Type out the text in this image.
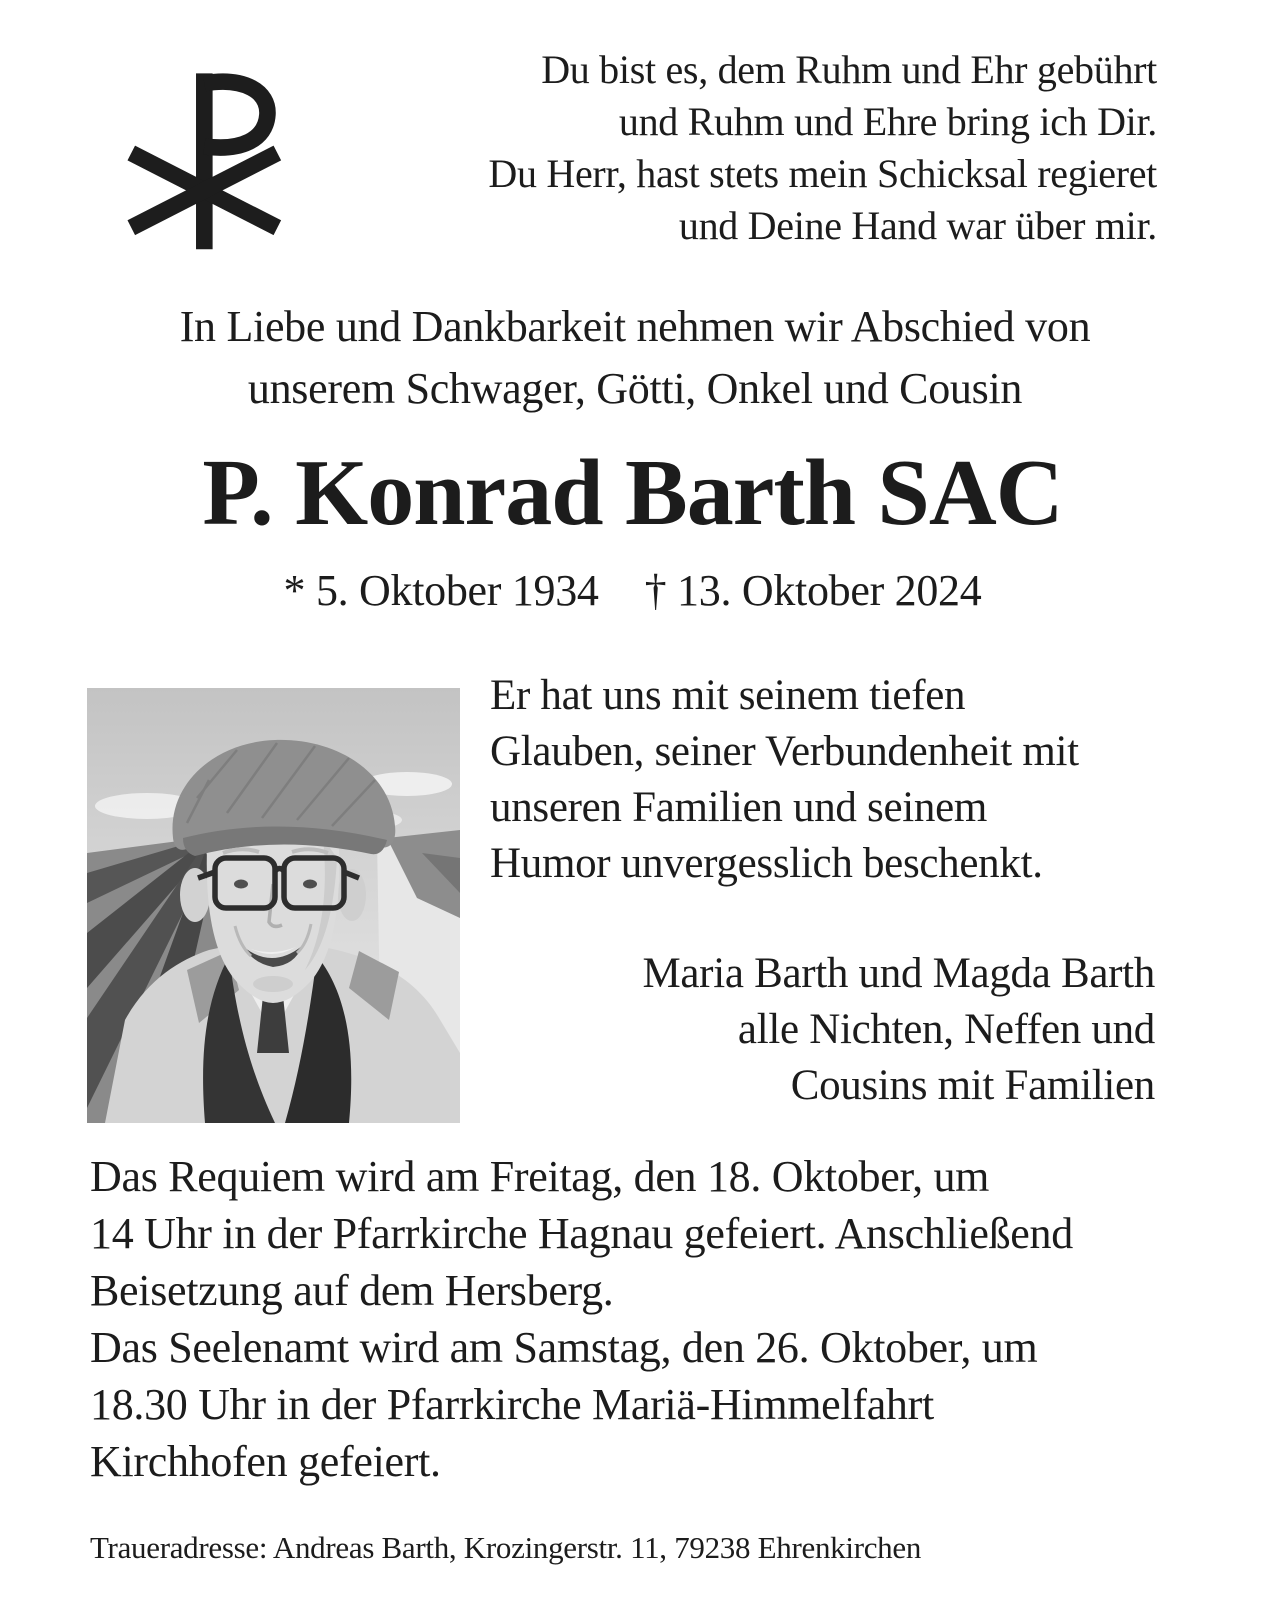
Du bist es, dem Ruhm und Ehr gebührt
und Ruhm und Ehre bring ich Dir.
Du Herr, hast stets mein Schicksal regieret
und Deine Hand war über mir.
In Liebe und Dankbarkeit nehmen wir Abschied von
unserem Schwager, Götti, Onkel und Cousin
P. Konrad Barth SAC
* 5. Oktober 1934 † 13. Oktober 2024
Er hat uns mit seinem tiefen
Glauben, seiner Verbundenheit mit
unseren Familien und seinem
Humor unvergesslich beschenkt.
Maria Barth und Magda Barth
alle Nichten, Neffen und
Cousins mit Familien
Das Requiem wird am Freitag, den 18. Oktober, um
14 Uhr in der Pfarrkirche Hagnau gefeiert. Anschließend
Beisetzung auf dem Hersberg.
Das Seelenamt wird am Samstag, den 26. Oktober, um
18.30 Uhr in der Pfarrkirche Mariä-Himmelfahrt
Kirchhofen gefeiert.
Traueradresse: Andreas Barth, Krozingerstr. 11, 79238 Ehrenkirchen
